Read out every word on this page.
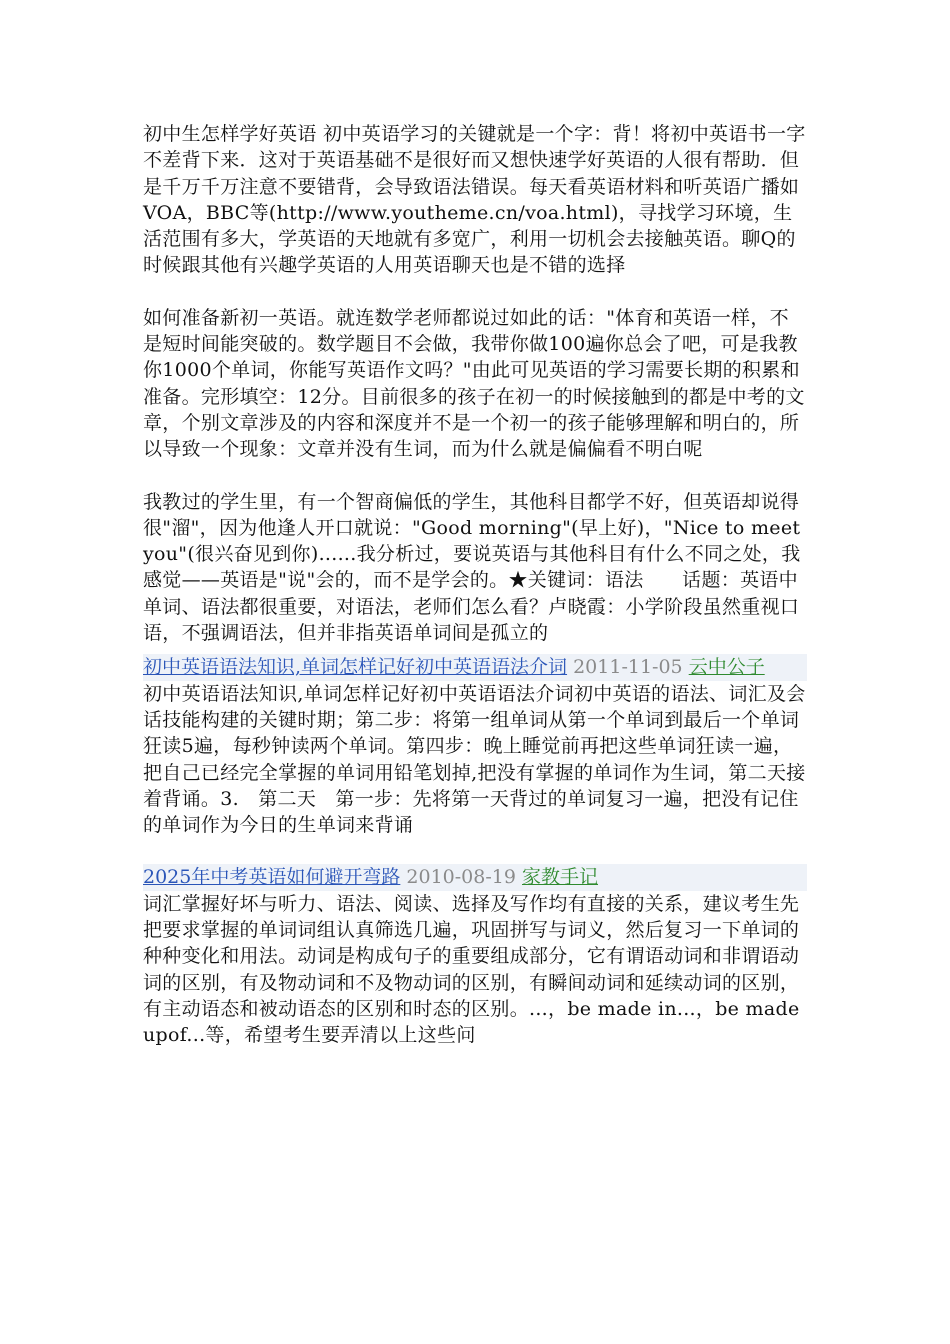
初中生怎样学好英语 初中英语学习的关键就是一个字：背！将初中英语书一字不差背下来．这对于英语基础不是很好而又想快速学好英语的人很有帮助．但是千万千万注意不要错背，会导致语法错误。每天看英语材料和听英语广播如VOA，BBC等(http://www.youtheme.cn/voa.html)，寻找学习环境，生活范围有多大，学英语的天地就有多宽广，利用一切机会去接触英语。聊Q的时候跟其他有兴趣学英语的人用英语聊天也是不错的选择

如何准备新初一英语。就连数学老师都说过如此的话："体育和英语一样，不是短时间能突破的。数学题目不会做，我带你做100遍你总会了吧，可是我教你1000个单词，你能写英语作文吗？"由此可见英语的学习需要长期的积累和准备。完形填空：12分。目前很多的孩子在初一的时候接触到的都是中考的文章，个别文章涉及的内容和深度并不是一个初一的孩子能够理解和明白的，所以导致一个现象：文章并没有生词，而为什么就是偏偏看不明白呢

我教过的学生里，有一个智商偏低的学生，其他科目都学不好，但英语却说得很"溜"，因为他逢人开口就说："Good morning"(早上好)，"Nice to meet you"(很兴奋见到你)......我分析过，要说英语与其他科目有什么不同之处，我感觉——英语是"说"会的，而不是学会的。★关键词：语法　　话题：英语中单词、语法都很重要，对语法，老师们怎么看？卢晓霞：小学阶段虽然重视口语，不强调语法，但并非指英语单词间是孤立的

初中英语语法知识,单词怎样记好初中英语语法介词 2011-11-05 云中公子

初中英语语法知识,单词怎样记好初中英语语法介词初中英语的语法、词汇及会话技能构建的关键时期；第二步：将第一组单词从第一个单词到最后一个单词狂读5遍，每秒钟读两个单词。第四步：晚上睡觉前再把这些单词狂读一遍，把自己已经完全掌握的单词用铅笔划掉,把没有掌握的单词作为生词，第二天接着背诵。3.　第二天　第一步：先将第一天背过的单词复习一遍，把没有记住的单词作为今日的生单词来背诵

2025年中考英语如何避开弯路 2010-08-19 家教手记

词汇掌握好坏与听力、语法、阅读、选择及写作均有直接的关系，建议考生先把要求掌握的单词词组认真筛选几遍，巩固拼写与词义，然后复习一下单词的种种变化和用法。动词是构成句子的重要组成部分，它有谓语动词和非谓语动词的区别，有及物动词和不及物动词的区别，有瞬间动词和延续动词的区别，有主动语态和被动语态的区别和时态的区别。...，be made in...，be made upof...等，希望考生要弄清以上这些问
